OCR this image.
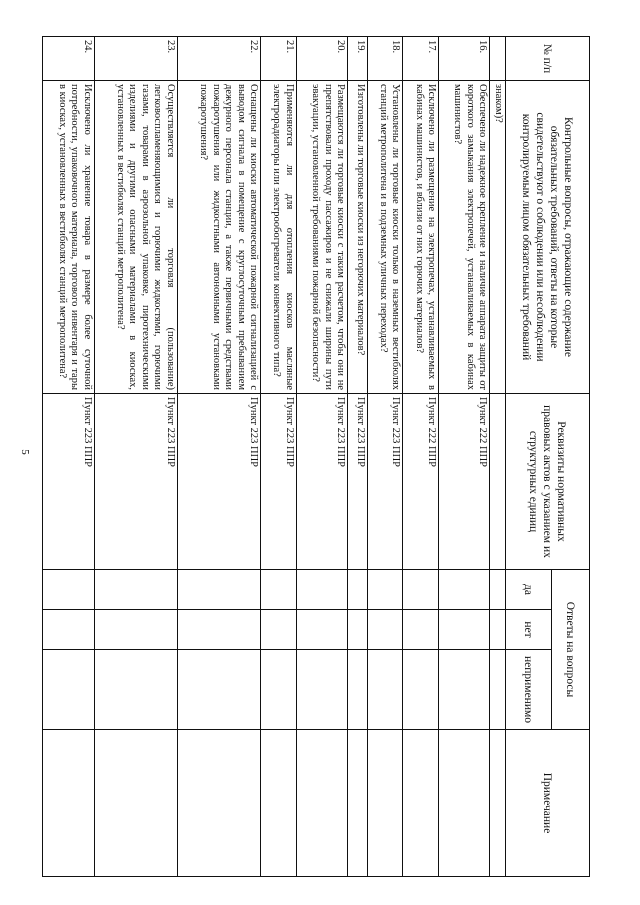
5
№ п/п	Контрольные вопросы, отражающие содержание обязательных требований, ответы на которые свидетельствуют о соблюдении или несоблюдении контролируемым лицом обязательных требований	Реквизиты нормативных правовых актов с указанием их структурных единиц	Ответы на вопросы			Примечание
			да	нет	неприменимо	
	знаком)?					
16.	Обеспечено ли надежное крепление и наличие аппарата защиты от короткого замыкания электропечей, устанавливаемых в кабинах машинистов?	Пункт 222 ППР				
17.	Исключено ли размещение на электропечах, устанавливаемых в кабинах машинистов, и вблизи от них горючих материалов?	Пункт 222 ППР				
18.	Установлены ли торговые киоски только в наземных вестибюлях станций метрополитена и в подземных уличных переходах?	Пункт 223 ППР				
19.	Изготовлены ли торговые киоски из негорючих материалов?	Пункт 223 ППР				
20.	Размещаются ли торговые киоски с таким расчетом, чтобы они не препятствовали проходу пассажиров и не снижали ширины пути эвакуации, установленной требованиями пожарной безопасности?	Пункт 223 ППР				
21.	Применяются ли для отопления киосков масляные электрорадиаторы или электрообогреватели конвективного типа?	Пункт 223 ППР				
22.	Оснащены ли киоски автоматической пожарной сигнализацией с выводом сигнала в помещение с круглосуточным пребыванием дежурного персонала станции, а также первичными средствами пожаротушения или жидкостными автономными установками пожаротушения?	Пункт 223 ППР				
23.	Осуществляется ли торговля (пользование) легковоспламеняющимися и горючими жидкостями, горючими газами, товарами в аэрозольной упаковке, пиротехническими изделиями и другими опасными материалами в киосках, установленных в вестибюлях станций метрополитена?	Пункт 223 ППР				
24.	Исключено ли хранение товара в размере более суточной потребности, упаковочного материала, торгового инвентаря и тары в киосках, установленных в вестибюлях станций метрополитена?	Пункт 223 ППР				
